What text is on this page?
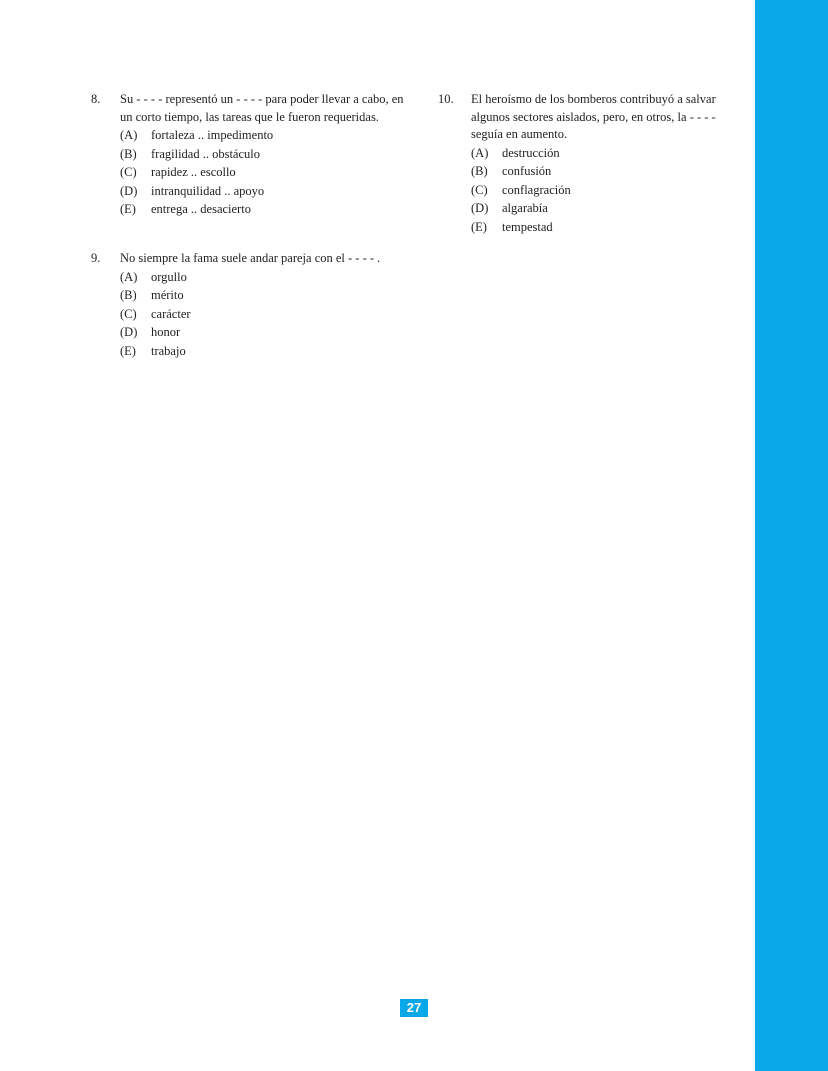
8. Su - - - - representó un - - - - para poder llevar a cabo, en un corto tiempo, las tareas que le fueron requeridas.

(A)	fortaleza .. impedimento
(B)	fragilidad .. obstáculo
(C)	rapidez .. escollo
(D)	intranquilidad .. apoyo
(E)	entrega .. desacierto
9. No siempre la fama suele andar pareja con el - - - - .

(A)	orgullo
(B)	mérito
(C)	carácter
(D)	honor
(E)	trabajo
10. El heroísmo de los bomberos contribuyó a salvar algunos sectores aislados, pero, en otros, la - - - - seguía en aumento.

(A)	destrucción
(B)	confusión
(C)	conflagración
(D)	algarabía
(E)	tempestad
27
